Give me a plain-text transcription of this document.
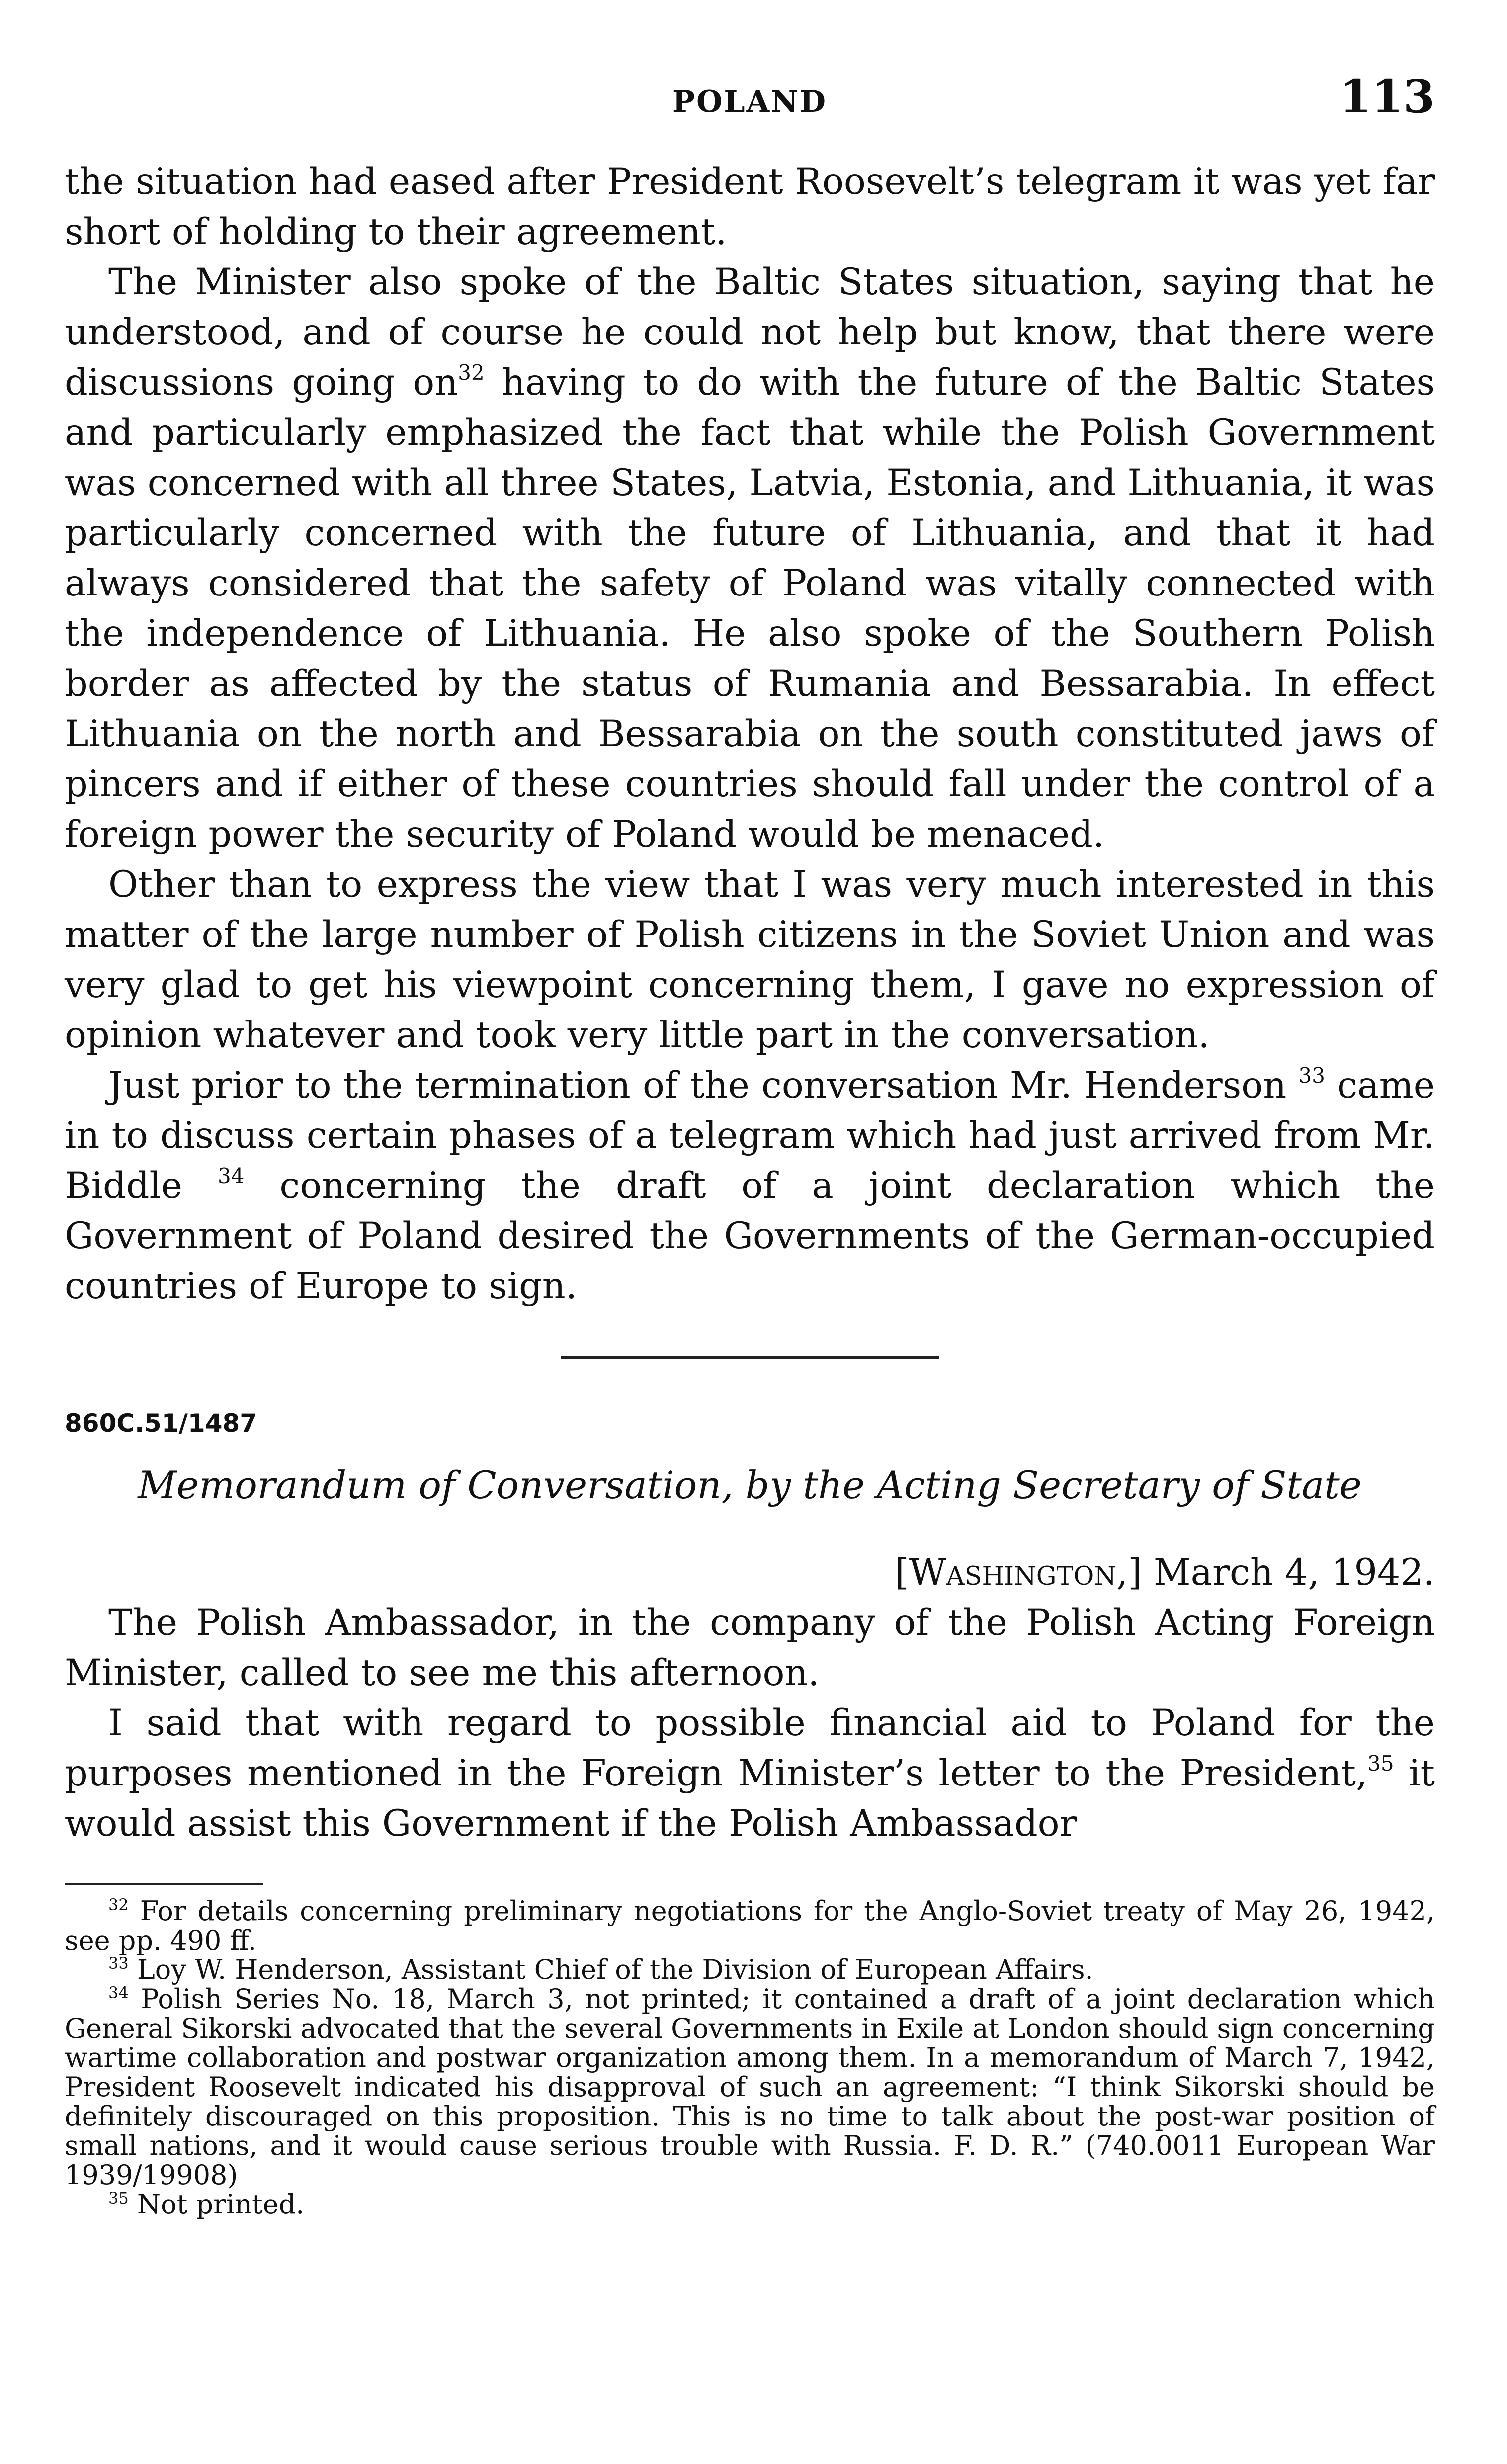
POLAND	113

the situation had eased after President Roosevelt’s telegram it was yet far short of holding to their agreement.

The Minister also spoke of the Baltic States situation, saying that he understood, and of course he could not help but know, that there were discussions going $on^{32}$ having to do with the future of the Baltic States and particularly emphasized the fact that while the Polish Government was concerned with all three States, Latvia, Estonia, and Lithuania, it was particularly concerned with the future of Lithuania, and that it had always considered that the safety of Poland was vitally connected with the independence of Lithuania. He also spoke of the Southern Polish border as affected by the status of Rumania and Bessarabia. In effect Lithuania on the north and Bessarabia on the south constituted jaws of pincers and if either of these countries should fall under the control of a foreign power the security of Poland would be menaced.

Other than to express the view that I was very much interested in this matter of the large number of Polish citizens in the Soviet Union and was very glad to get his viewpoint concerning them, I gave no expression of opinion whatever and took very little part in the conversation.

Just prior to the termination of the conversation Mr. Henderson $^{33}$ came in to discuss certain phases of a telegram which had just arrived from Mr. Biddle $^{34}$ concerning the draft of a joint declaration which the Government of Poland desired the Governments of the German-occupied countries of Europe to sign.

860C.51/1487
Memorandum of Conversation, by the Acting Secretary of State
[Washington,] March 4, 1942.

The Polish Ambassador, in the company of the Polish Acting Foreign Minister, called to see me this afternoon.

I said that with regard to possible financial aid to Poland for the purposes mentioned in the Foreign Minister’s letter to the President,$^{35}$ it would assist this Government if the Polish Ambassador

$^{32}$ For details concerning preliminary negotiations for the Anglo-Soviet treaty of May 26, 1942, see pp. 490 ff.

$^{33}$ Loy W. Henderson, Assistant Chief of the Division of European Affairs.

$^{34}$ Polish Series No. 18, March 3, not printed; it contained a draft of a joint declaration which General Sikorski advocated that the several Governments in Exile at London should sign concerning wartime collaboration and postwar organization among them. In a memorandum of March 7, 1942, President Roosevelt indicated his disapproval of such an agreement: “I think Sikorski should be definitely discouraged on this proposition. This is no time to talk about the post-war position of small nations, and it would cause serious trouble with Russia. F. D. R.” (740.0011 European War 1939/19908)

$^{35}$ Not printed.
